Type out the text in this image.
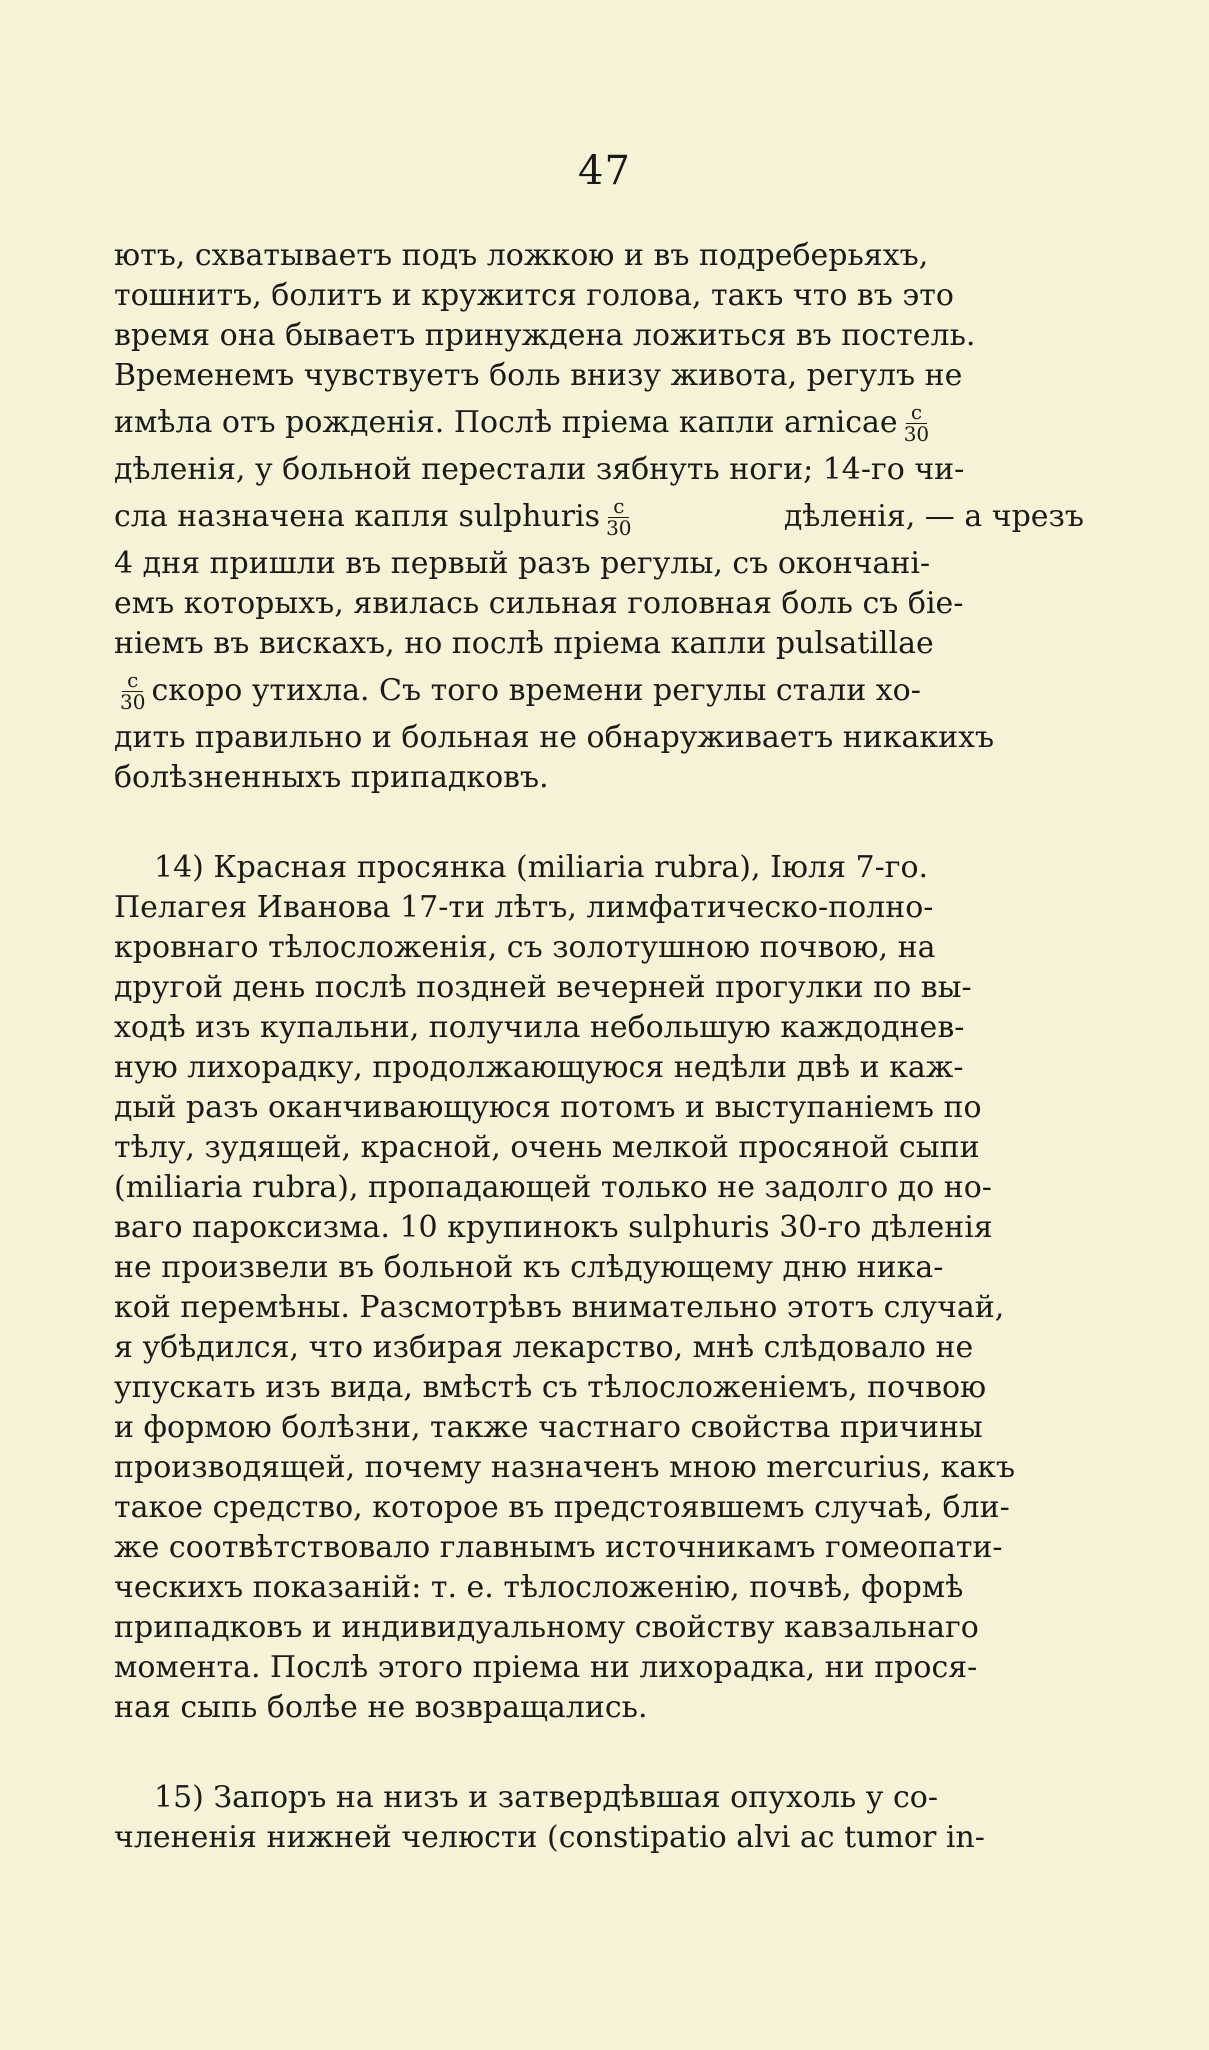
47
ютъ, схватываетъ подъ ложкою и въ подреберьяхъ,
тошнитъ, болитъ и кружится голова, такъ что въ это
время она бываетъ принуждена ложиться въ постель.
Временемъ чувствуетъ боль внизу живота, регулъ не
имѣла отъ рожденія. Послѣ пріема капли arnicae $\frac{c}{30}$
дѣленія, у больной перестали зябнуть ноги; 14-го чи-
сла назначена капля sulphuris $\frac{c}{30}$	дѣленія, — а чрезъ
4 дня пришли въ первый разъ регулы, съ окончані-
емъ которыхъ, явилась сильная головная боль съ біе-
ніемъ въ вискахъ, но послѣ пріема капли pulsatillae
$\frac{c}{30}$ скоро утихла. Съ того времени регулы стали хо-
дить правильно и больная не обнаруживаетъ никакихъ
болѣзненныхъ припадковъ.
14) Красная просянка (miliaria rubra), Іюля 7-го.
Пелагея Иванова 17-ти лѣтъ, лимфатическо-полно-
кровнаго тѣлосложенія, съ золотушною почвою, на
другой день послѣ поздней вечерней прогулки по вы-
ходѣ изъ купальни, получила небольшую каждоднев-
ную лихорадку, продолжающуюся недѣли двѣ и каж-
дый разъ оканчивающуюся потомъ и выступаніемъ по
тѣлу, зудящей, красной, очень мелкой просяной сыпи
(miliaria rubra), пропадающей только не задолго до но-
ваго пароксизма. 10 крупинокъ sulphuris 30-го дѣленія
не произвели въ больной къ слѣдующему дню ника-
кой перемѣны. Разсмотрѣвъ внимательно этотъ случай,
я убѣдился, что избирая лекарство, мнѣ слѣдовало не
упускать изъ вида, вмѣстѣ съ тѣлосложеніемъ, почвою
и формою болѣзни, также частнаго свойства причины
производящей, почему назначенъ мною mercurius, какъ
такое средство, которое въ предстоявшемъ случаѣ, бли-
же соотвѣтствовало главнымъ источникамъ гомеопати-
ческихъ показаній: т. е. тѣлосложенію, почвѣ, формѣ
припадковъ и индивидуальному свойству кавзальнаго
момента. Послѣ этого пріема ни лихорадка, ни прося-
ная сыпь болѣе не возвращались.
15) Запоръ на низъ и затвердѣвшая опухоль у со-
члененія нижней челюсти (constipatio alvi ac tumor in-
